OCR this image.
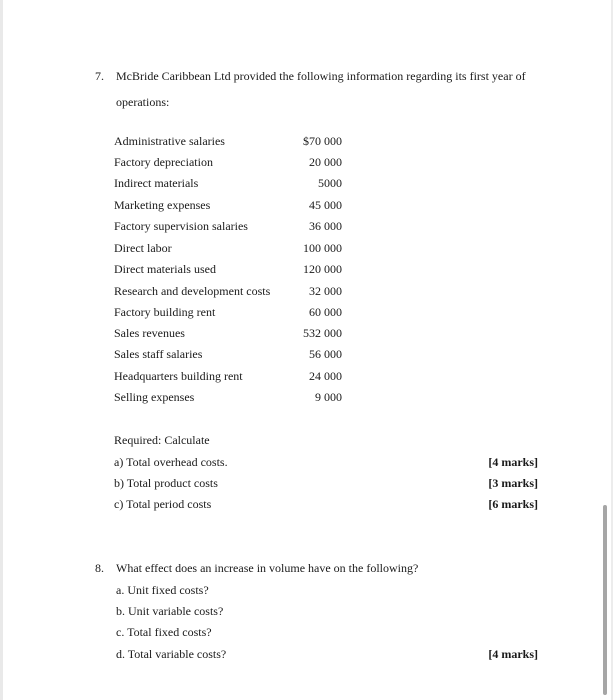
7. McBride Caribbean Ltd provided the following information regarding its first year of
operations:
Administrative salaries	$70 000
Factory depreciation	20 000
Indirect materials	5000
Marketing expenses	45 000
Factory supervision salaries	36 000
Direct labor	100 000
Direct materials used	120 000
Research and development costs	32 000
Factory building rent	60 000
Sales revenues	532 000
Sales staff salaries	56 000
Headquarters building rent	24 000
Selling expenses	9 000
Required: Calculate
a) Total overhead costs.	[4 marks]
b) Total product costs	[3 marks]
c) Total period costs	[6 marks]
8. What effect does an increase in volume have on the following?
a. Unit fixed costs?
b. Unit variable costs?
c. Total fixed costs?
d. Total variable costs?	[4 marks]
